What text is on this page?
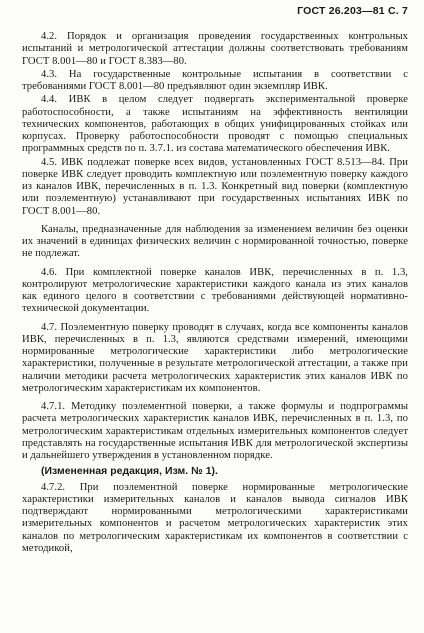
ГОСТ 26.203—81 С. 7

4.2. Порядок и организация проведения государственных контрольных испытаний и метрологической аттестации должны соответствовать требованиям ГОСТ 8.001—80 и ГОСТ 8.383—80.

4.3. На государственные контрольные испытания в соответствии с требованиями ГОСТ 8.001—80 предъявляют один экземпляр ИВК.

4.4. ИВК в целом следует подвергать экспериментальной проверке работоспособности, а также испытаниям на эффективность вентиляции технических компонентов, работающих в общих унифицированных стойках или корпусах. Проверку работоспособности проводят с помощью специальных программных средств по п. 3.7.1. из состава математического обеспечения ИВК.

4.5. ИВК подлежат поверке всех видов, установленных ГОСТ 8.513—84. При поверке ИВК следует проводить комплектную или поэлементную поверку каждого из каналов ИВК, перечисленных в п. 1.3. Конкретный вид поверки (комплектную или поэлементную) устанавливают при государственных испытаниях ИВК по ГОСТ 8.001—80.

Каналы, предназначенные для наблюдения за изменением величин без оценки их значений в единицах физических величин с нормированной точностью, поверке не подлежат.

4.6. При комплектной поверке каналов ИВК, перечисленных в п. 1.3, контролируют метрологические характеристики каждого канала из этих каналов как единого целого в соответствии с требованиями действующей нормативно-технической документации.

4.7. Поэлементную поверку проводят в случаях, когда все компоненты каналов ИВК, перечисленных в п. 1.3, являются средствами измерений, имеющими нормированные метрологические характеристики либо метрологические характеристики, полученные в результате метрологической аттестации, а также при наличии методики расчета метрологических характеристик этих каналов ИВК по метрологическим характеристикам их компонентов.

4.7.1. Методику поэлементной поверки, а также формулы и подпрограммы расчета метрологических характеристик каналов ИВК, перечисленных в п. 1.3, по метрологическим характеристикам отдельных измерительных компонентов следует представлять на государственные испытания ИВК для метрологической экспертизы и дальнейшего утверждения в установленном порядке.

(Измененная редакция, Изм. № 1).

4.7.2. При поэлементной поверке нормированные метрологические характеристики измерительных каналов и каналов вывода сигналов ИВК подтверждают нормированными метрологическими характеристиками измерительных компонентов и расчетом метрологических характеристик этих каналов по метрологическим характеристикам их компонентов в соответствии с методикой,
